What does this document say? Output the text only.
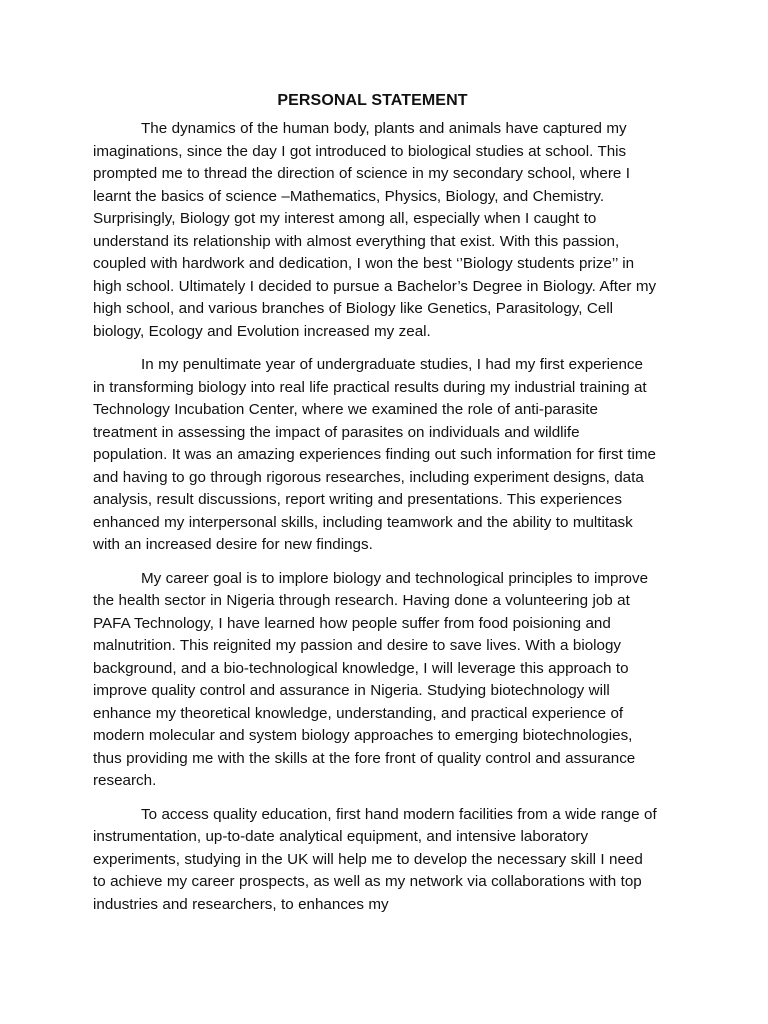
PERSONAL STATEMENT

The dynamics of the human body, plants and animals have captured my imaginations, since the day I got introduced to biological studies at school. This prompted me to thread the direction of science in my secondary school, where I learnt the basics of science –Mathematics, Physics, Biology, and Chemistry. Surprisingly, Biology got my interest among all, especially when I caught to understand its relationship with almost everything that exist. With this passion, coupled with hardwork and dedication, I won the best ‘’Biology students prize’’ in high school. Ultimately I decided to pursue a Bachelor’s Degree in Biology. After my high school, and various branches of Biology like Genetics, Parasitology, Cell biology, Ecology and Evolution increased my zeal.

In my penultimate year of undergraduate studies, I had my first experience in transforming biology into real life practical results during my industrial training at Technology Incubation Center, where we examined the role of anti-parasite treatment in assessing the impact of parasites on individuals and wildlife population. It was an amazing experiences finding out such information for first time and having to go through rigorous researches, including experiment designs, data analysis, result discussions, report writing and presentations. This experiences enhanced my interpersonal skills, including teamwork and the ability to multitask with an increased desire for new findings.

My career goal is to implore biology and technological principles to improve the health sector in Nigeria through research. Having done a volunteering job at PAFA Technology, I have learned how people suffer from food poisioning and malnutrition. This reignited my passion and desire to save lives. With a biology background, and a bio-technological knowledge, I will leverage this approach to improve quality control and assurance in Nigeria. Studying biotechnology will enhance my theoretical knowledge, understanding, and practical experience of modern molecular and system biology approaches to emerging biotechnologies, thus providing me with the skills at the fore front of quality control and assurance research.

To access quality education, first hand modern facilities from a wide range of instrumentation, up-to-date analytical equipment, and intensive laboratory experiments, studying in the UK will help me to develop the necessary skill I need to achieve my career prospects, as well as my network via collaborations with top industries and researchers, to enhances my
